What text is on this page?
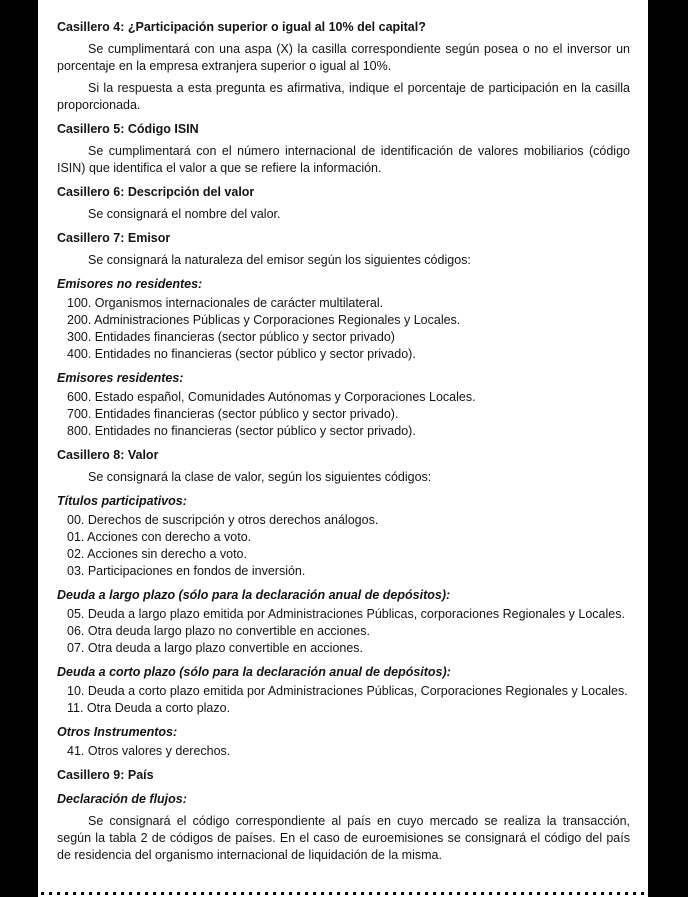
Casillero 4: ¿Participación superior o igual al 10% del capital?

Se cumplimentará con una aspa (X) la casilla correspondiente según posea o no el inversor un porcentaje en la empresa extranjera superior o igual al 10%.

Si la respuesta a esta pregunta es afirmativa, indique el porcentaje de participación en la casilla proporcionada.

Casillero 5: Código ISIN

Se cumplimentará con el número internacional de identificación de valores mobiliarios (código ISIN) que identifica el valor a que se refiere la información.

Casillero 6: Descripción del valor

Se consignará el nombre del valor.

Casillero 7: Emisor

Se consignará la naturaleza del emisor según los siguientes códigos:

Emisores no residentes:
100. Organismos internacionales de carácter multilateral.
200. Administraciones Públicas y Corporaciones Regionales y Locales.
300. Entidades financieras (sector público y sector privado)
400. Entidades no financieras (sector público y sector privado).
Emisores residentes:
600. Estado español, Comunidades Autónomas y Corporaciones Locales.
700. Entidades financieras (sector público y sector privado).
800. Entidades no financieras (sector público y sector privado).
Casillero 8: Valor

Se consignará la clase de valor, según los siguientes códigos:

Títulos participativos:
00. Derechos de suscripción y otros derechos análogos.
01. Acciones con derecho a voto.
02. Acciones sin derecho a voto.
03. Participaciones en fondos de inversión.
Deuda a largo plazo (sólo para la declaración anual de depósitos):
05. Deuda a largo plazo emitida por Administraciones Públicas, corporaciones Regionales y Locales.
06. Otra deuda largo plazo no convertible en acciones.
07. Otra deuda a largo plazo convertible en acciones.
Deuda a corto plazo (sólo para la declaración anual de depósitos):
10. Deuda a corto plazo emitida por Administraciones Públicas, Corporaciones Regionales y Locales.
11. Otra Deuda a corto plazo.
Otros Instrumentos:
41. Otros valores y derechos.
Casillero 9: País
Declaración de flujos:

Se consignará el código correspondiente al país en cuyo mercado se realiza la transacción, según la tabla 2 de códigos de países. En el caso de euroemisiones se consignará el código del país de residencia del organismo internacional de liquidación de la misma.
